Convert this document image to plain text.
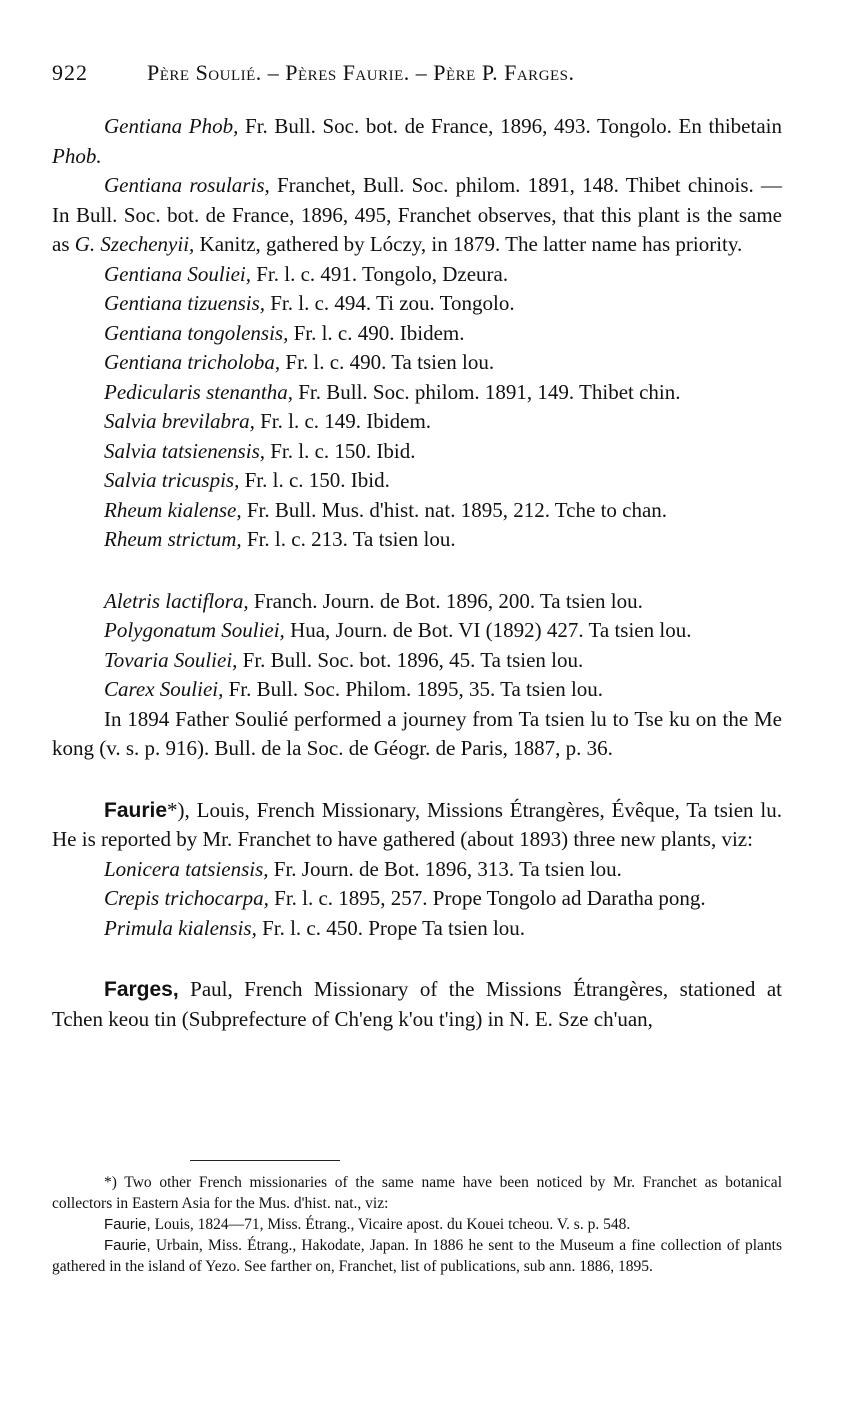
922	Père Soulié. – Pères Faurie. – Père P. Farges.
Gentiana Phob, Fr. Bull. Soc. bot. de France, 1896, 493. Tongolo. En thibetain Phob.
Gentiana rosularis, Franchet, Bull. Soc. philom. 1891, 148. Thibet chinois. — In Bull. Soc. bot. de France, 1896, 495, Franchet observes, that this plant is the same as G. Szechenyii, Kanitz, gathered by Lóczy, in 1879. The latter name has priority.
Gentiana Souliei, Fr. l. c. 491. Tongolo, Dzeura.
Gentiana tizuensis, Fr. l. c. 494. Ti zou. Tongolo.
Gentiana tongolensis, Fr. l. c. 490. Ibidem.
Gentiana tricholoba, Fr. l. c. 490. Ta tsien lou.
Pedicularis stenantha, Fr. Bull. Soc. philom. 1891, 149. Thibet chin.
Salvia brevilabra, Fr. l. c. 149. Ibidem.
Salvia tatsienensis, Fr. l. c. 150. Ibid.
Salvia tricuspis, Fr. l. c. 150. Ibid.
Rheum kialense, Fr. Bull. Mus. d'hist. nat. 1895, 212. Tche to chan.
Rheum strictum, Fr. l. c. 213. Ta tsien lou.
Aletris lactiflora, Franch. Journ. de Bot. 1896, 200. Ta tsien lou.
Polygonatum Souliei, Hua, Journ. de Bot. VI (1892) 427. Ta tsien lou.
Tovaria Souliei, Fr. Bull. Soc. bot. 1896, 45. Ta tsien lou.
Carex Souliei, Fr. Bull. Soc. Philom. 1895, 35. Ta tsien lou.
In 1894 Father Soulié performed a journey from Ta tsien lu to Tse ku on the Me kong (v. s. p. 916). Bull. de la Soc. de Géogr. de Paris, 1887, p. 36.
Faurie*), Louis, French Missionary, Missions Étrangères, Évêque, Ta tsien lu. He is reported by Mr. Franchet to have gathered (about 1893) three new plants, viz:
Lonicera tatsiensis, Fr. Journ. de Bot. 1896, 313. Ta tsien lou.
Crepis trichocarpa, Fr. l. c. 1895, 257. Prope Tongolo ad Daratha pong.
Primula kialensis, Fr. l. c. 450. Prope Ta tsien lou.
Farges, Paul, French Missionary of the Missions Étrangères, stationed at Tchen keou tin (Subprefecture of Ch'eng k'ou t'ing) in N. E. Sze ch'uan,
*) Two other French missionaries of the same name have been noticed by Mr. Franchet as botanical collectors in Eastern Asia for the Mus. d'hist. nat., viz:
Faurie, Louis, 1824—71, Miss. Étrang., Vicaire apost. du Kouei tcheou. V. s. p. 548.
Faurie, Urbain, Miss. Étrang., Hakodate, Japan. In 1886 he sent to the Museum a fine collection of plants gathered in the island of Yezo. See farther on, Franchet, list of publications, sub ann. 1886, 1895.
